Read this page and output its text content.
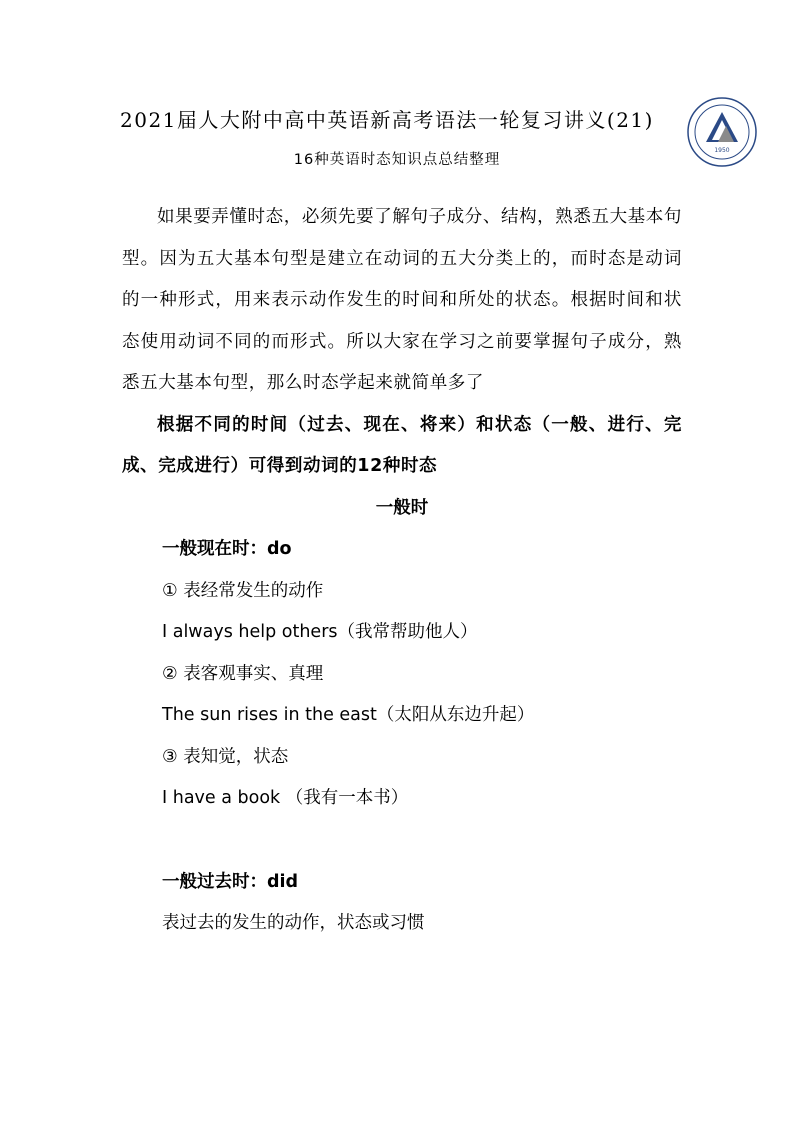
2021届人大附中高中英语新高考语法一轮复习讲义(21)
1950
16种英语时态知识点总结整理

如果要弄懂时态，必须先要了解句子成分、结构，熟悉五大基本句型。因为五大基本句型是建立在动词的五大分类上的，而时态是动词的一种形式，用来表示动作发生的时间和所处的状态。根据时间和状态使用动词不同的而形式。所以大家在学习之前要掌握句子成分，熟悉五大基本句型，那么时态学起来就简单多了

根据不同的时间（过去、现在、将来）和状态（一般、进行、完成、完成进行）可得到动词的12种时态

一般时

一般现在时：do

① 表经常发生的动作

I always help others（我常帮助他人）

② 表客观事实、真理

The sun rises in the east（太阳从东边升起）

③ 表知觉，状态

I have a book （我有一本书）

一般过去时：did

表过去的发生的动作，状态或习惯
